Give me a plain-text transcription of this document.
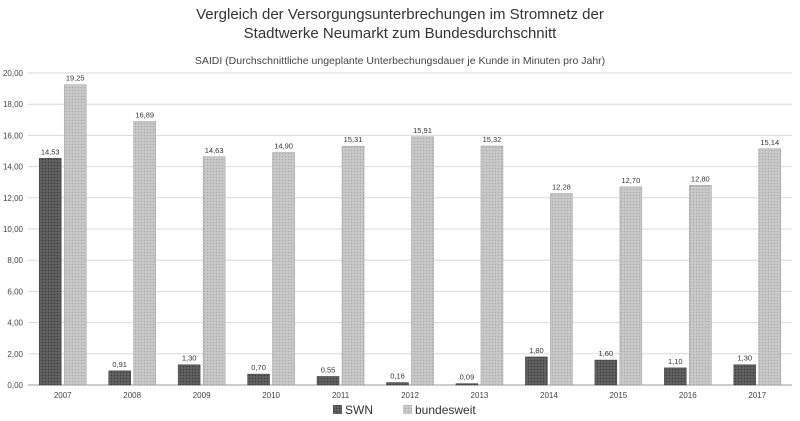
Vergleich der Versorgungsunterbrechungen im Stromnetz der
Stadtwerke Neumarkt zum Bundesdurchschnitt
SAIDI (Durchschnittliche ungeplante Unterbechungsdauer je Kunde in Minuten pro Jahr)
0,00
2,00
4,00
6,00
8,00
10,00
12,00
14,00
16,00
18,00
20,00
14,53
19,25
0,91
16,89
1,30
14,63
0,70
14,90
0,55
15,31
0,16
15,91
0,09
15,32
1,80
12,28
1,60
12,70
1,10
12,80
1,30
15,14
2007	2008	2009	2010	2011	2012	2013	2014	2015	2016	2017
SWN	bundesweit
